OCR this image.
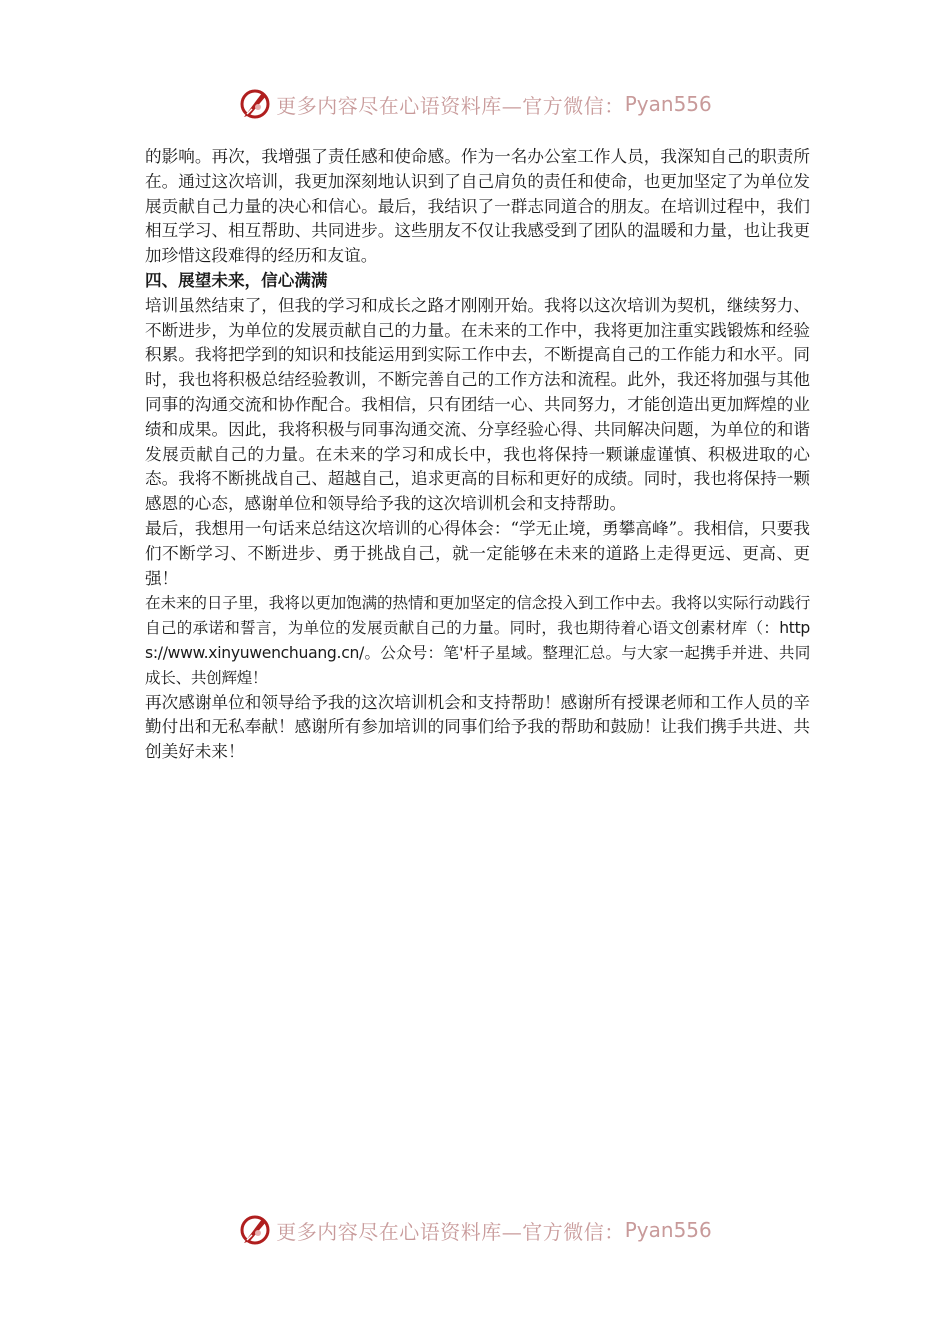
更多内容尽在心语资料库—官方微信： Pyan556

的影响。再次，我增强了责任感和使命感。作为一名办公室工作人员，我深知自己的职责所在。通过这次培训，我更加深刻地认识到了自己肩负的责任和使命，也更加坚定了为单位发展贡献自己力量的决心和信心。最后，我结识了一群志同道合的朋友。在培训过程中，我们相互学习、相互帮助、共同进步。这些朋友不仅让我感受到了团队的温暖和力量，也让我更加珍惜这段难得的经历和友谊。

四、展望未来，信心满满

培训虽然结束了，但我的学习和成长之路才刚刚开始。我将以这次培训为契机，继续努力、不断进步，为单位的发展贡献自己的力量。在未来的工作中，我将更加注重实践锻炼和经验积累。我将把学到的知识和技能运用到实际工作中去，不断提高自己的工作能力和水平。同时，我也将积极总结经验教训，不断完善自己的工作方法和流程。此外，我还将加强与其他同事的沟通交流和协作配合。我相信，只有团结一心、共同努力，才能创造出更加辉煌的业绩和成果。因此，我将积极与同事沟通交流、分享经验心得、共同解决问题，为单位的和谐发展贡献自己的力量。在未来的学习和成长中，我也将保持一颗谦虚谨慎、积极进取的心态。我将不断挑战自己、超越自己，追求更高的目标和更好的成绩。同时，我也将保持一颗感恩的心态，感谢单位和领导给予我的这次培训机会和支持帮助。

最后，我想用一句话来总结这次培训的心得体会：“学无止境，勇攀高峰”。我相信，只要我们不断学习、不断进步、勇于挑战自己，就一定能够在未来的道路上走得更远、更高、更强！

在未来的日子里，我将以更加饱满的热情和更加坚定的信念投入到工作中去。我将以实际行动践行自己的承诺和誓言，为单位的发展贡献自己的力量。同时，我也期待着心语文创素材库（：https://www.xinyuwenchuang.cn/。公众号：笔'杆子星域。整理汇总。与大家一起携手并进、共同成长、共创辉煌！

再次感谢单位和领导给予我的这次培训机会和支持帮助！感谢所有授课老师和工作人员的辛勤付出和无私奉献！感谢所有参加培训的同事们给予我的帮助和鼓励！让我们携手共进、共创美好未来！

更多内容尽在心语资料库—官方微信： Pyan556
